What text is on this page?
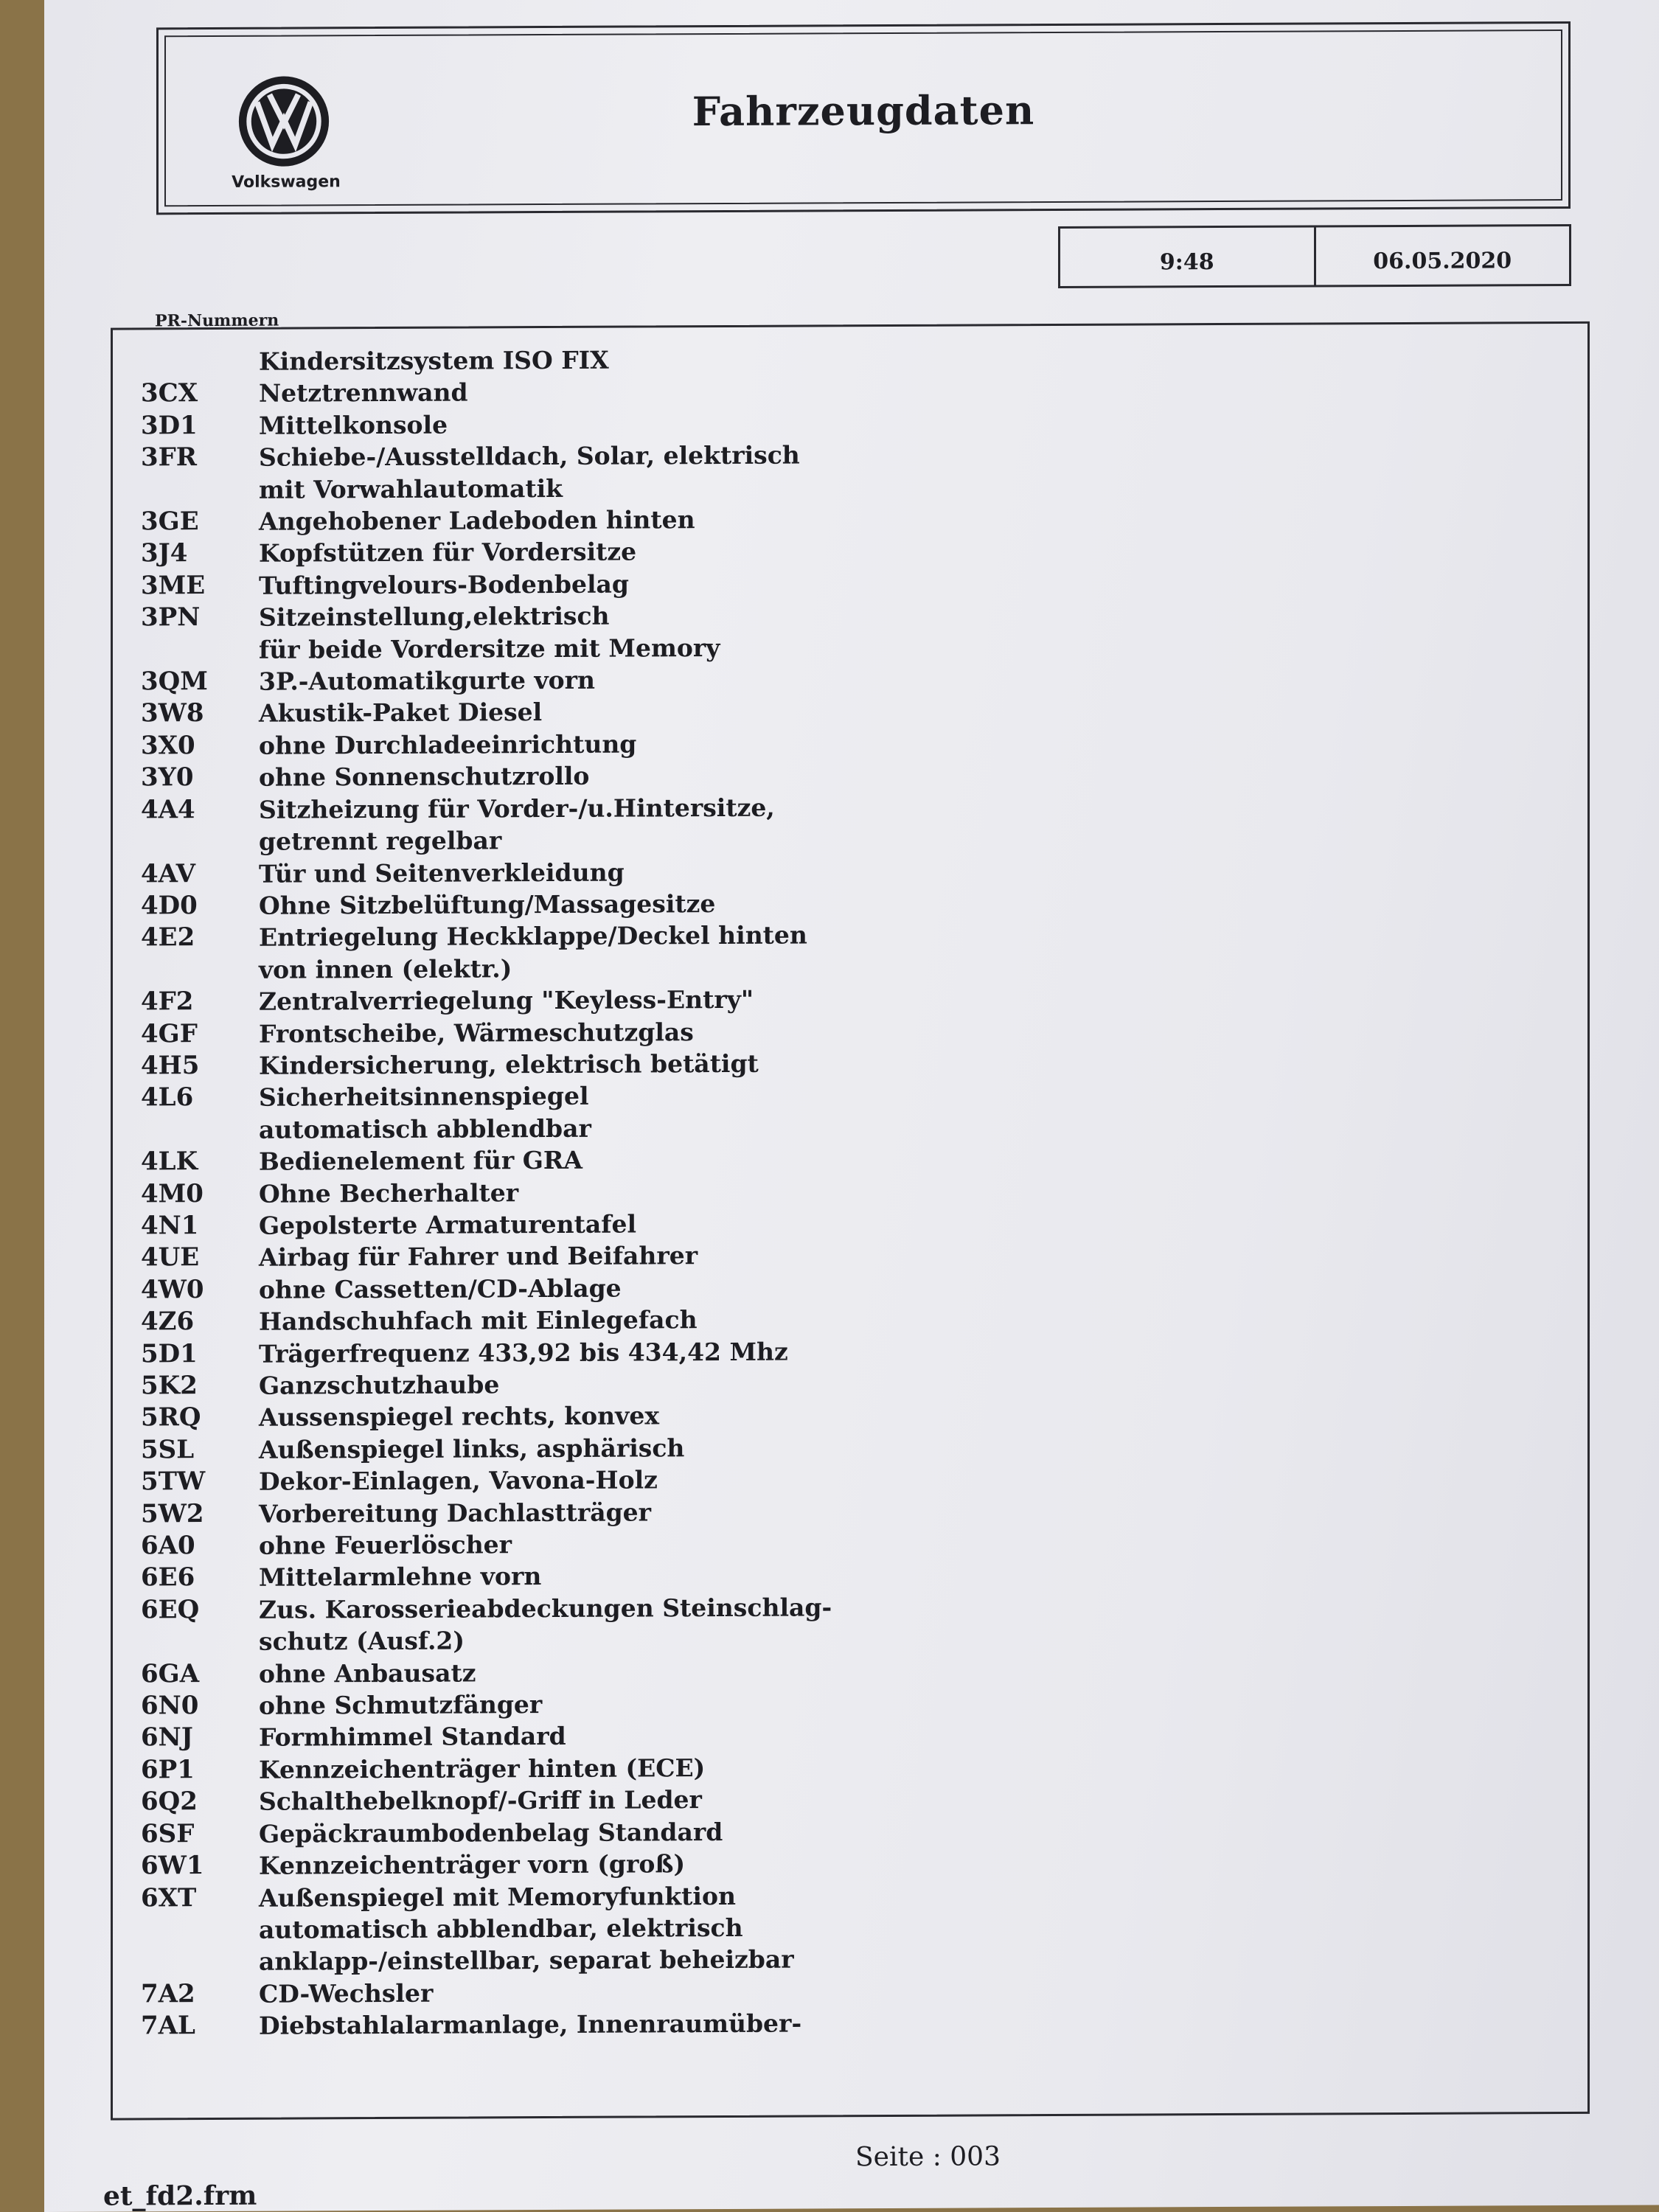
Volkswagen
Fahrzeugdaten
9:48	06.05.2020
PR-Nummern
Kindersitzsystem ISO FIX
3CX	Netztrennwand
3D1	Mittelkonsole
3FR	Schiebe-/Ausstelldach, Solar, elektrisch
mit Vorwahlautomatik
3GE	Angehobener Ladeboden hinten
3J4	Kopfstützen für Vordersitze
3ME	Tuftingvelours-Bodenbelag
3PN	Sitzeinstellung,elektrisch
für beide Vordersitze mit Memory
3QM	3P.-Automatikgurte vorn
3W8	Akustik-Paket Diesel
3X0	ohne Durchladeeinrichtung
3Y0	ohne Sonnenschutzrollo
4A4	Sitzheizung für Vorder-/u.Hintersitze,
getrennt regelbar
4AV	Tür und Seitenverkleidung
4D0	Ohne Sitzbelüftung/Massagesitze
4E2	Entriegelung Heckklappe/Deckel hinten
von innen (elektr.)
4F2	Zentralverriegelung "Keyless-Entry"
4GF	Frontscheibe, Wärmeschutzglas
4H5	Kindersicherung, elektrisch betätigt
4L6	Sicherheitsinnenspiegel
automatisch abblendbar
4LK	Bedienelement für GRA
4M0	Ohne Becherhalter
4N1	Gepolsterte Armaturentafel
4UE	Airbag für Fahrer und Beifahrer
4W0	ohne Cassetten/CD-Ablage
4Z6	Handschuhfach mit Einlegefach
5D1	Trägerfrequenz 433,92 bis 434,42 Mhz
5K2	Ganzschutzhaube
5RQ	Aussenspiegel rechts, konvex
5SL	Außenspiegel links, asphärisch
5TW	Dekor-Einlagen, Vavona-Holz
5W2	Vorbereitung Dachlastträger
6A0	ohne Feuerlöscher
6E6	Mittelarmlehne vorn
6EQ	Zus. Karosserieabdeckungen Steinschlag-
schutz (Ausf.2)
6GA	ohne Anbausatz
6N0	ohne Schmutzfänger
6NJ	Formhimmel Standard
6P1	Kennzeichenträger hinten (ECE)
6Q2	Schalthebelknopf/-Griff in Leder
6SF	Gepäckraumbodenbelag Standard
6W1	Kennzeichenträger vorn (groß)
6XT	Außenspiegel mit Memoryfunktion
automatisch abblendbar, elektrisch
anklapp-/einstellbar, separat beheizbar
7A2	CD-Wechsler
7AL	Diebstahlalarmanlage, Innenraumüber-
Seite : 003
et_fd2.frm
